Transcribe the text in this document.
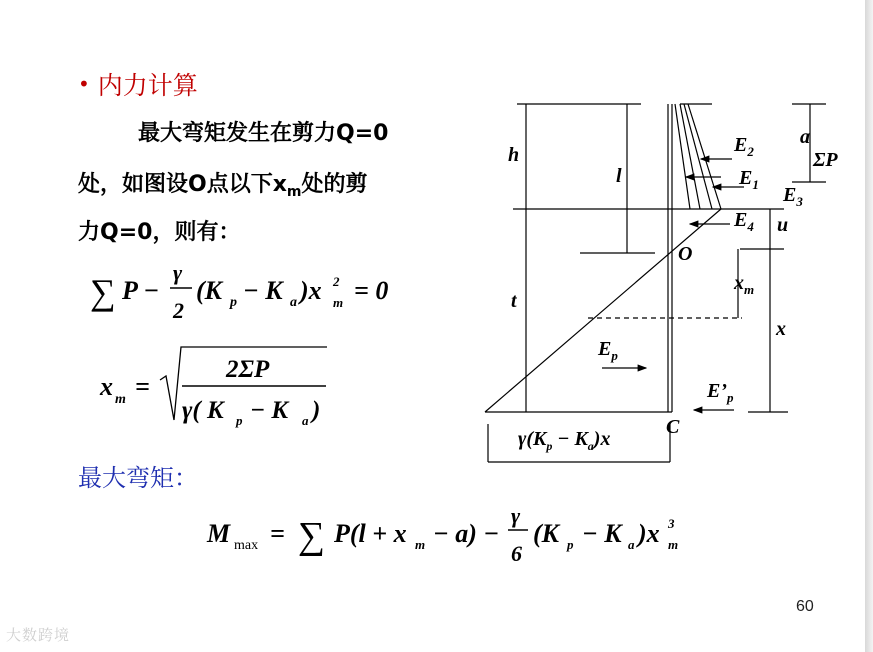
• 内力计算
最大弯矩发生在剪力Q=0
处，如图设O点以下$x_m$处的剪
力Q=0，则有：
最大弯矩：
∑ P −
γ
2
(K p − K a )x 2
m = 0
x m =
2ΣP
γ( K p − K a )
M max = ∑ P(l + x m − a) −
γ
6
(K p − K a )x 3
m
h
l
t
a
ΣP
u
O
x
C
$E_2$
$E_1$ $E_3$
$E_4$
$E_p$
$E’_p$
$x_m$
$\gamma(K_p - K_a)x$
60
大数跨境
